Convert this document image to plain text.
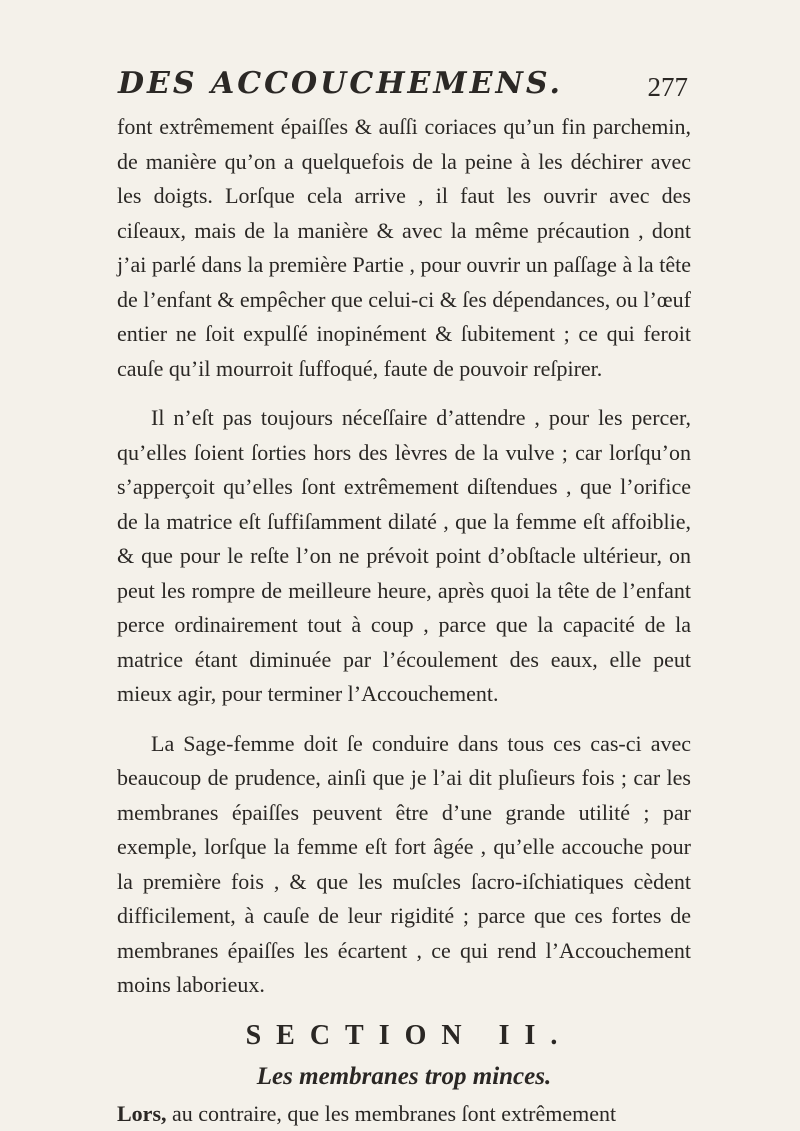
DES ACCOUCHEMENS.	277

font extrêmement épaiſſes & auſſi coriaces qu’un fin parchemin, de manière qu’on a quelquefois de la peine à les déchirer avec les doigts. Lorſque cela arrive , il faut les ouvrir avec des ciſeaux, mais de la manière & avec la même précaution , dont j’ai parlé dans la première Partie , pour ouvrir un paſſage à la tête de l’enfant & empêcher que celui-ci & ſes dépendances, ou l’œuf entier ne ſoit expulſé inopinément & ſubitement ; ce qui feroit cauſe qu’il mourroit ſuffoqué, faute de pouvoir reſpirer.

Il n’eſt pas toujours néceſſaire d’attendre , pour les percer, qu’elles ſoient ſorties hors des lèvres de la vulve ; car lorſqu’on s’apperçoit qu’elles ſont extrêmement diſtendues , que l’orifice de la matrice eſt ſuffiſamment dilaté , que la femme eſt affoiblie, & que pour le reſte l’on ne prévoit point d’obſtacle ultérieur, on peut les rompre de meilleure heure, après quoi la tête de l’enfant perce ordinairement tout à coup , parce que la capacité de la matrice étant diminuée par l’écoulement des eaux, elle peut mieux agir, pour terminer l’Accouchement.

La Sage-femme doit ſe conduire dans tous ces cas-ci avec beaucoup de prudence, ainſi que je l’ai dit pluſieurs fois ; car les membranes épaiſſes peuvent être d’une grande utilité ; par exemple, lorſque la femme eſt fort âgée , qu’elle accouche pour la première fois , & que les muſcles ſacro-iſchiatiques cèdent difficilement, à cauſe de leur rigidité ; parce que ces fortes de membranes épaiſſes les écartent , ce qui rend l’Accouchement moins laborieux.

SECTION II.
Les membranes trop minces.

Lors, au contraire, que les membranes ſont extrêmement
